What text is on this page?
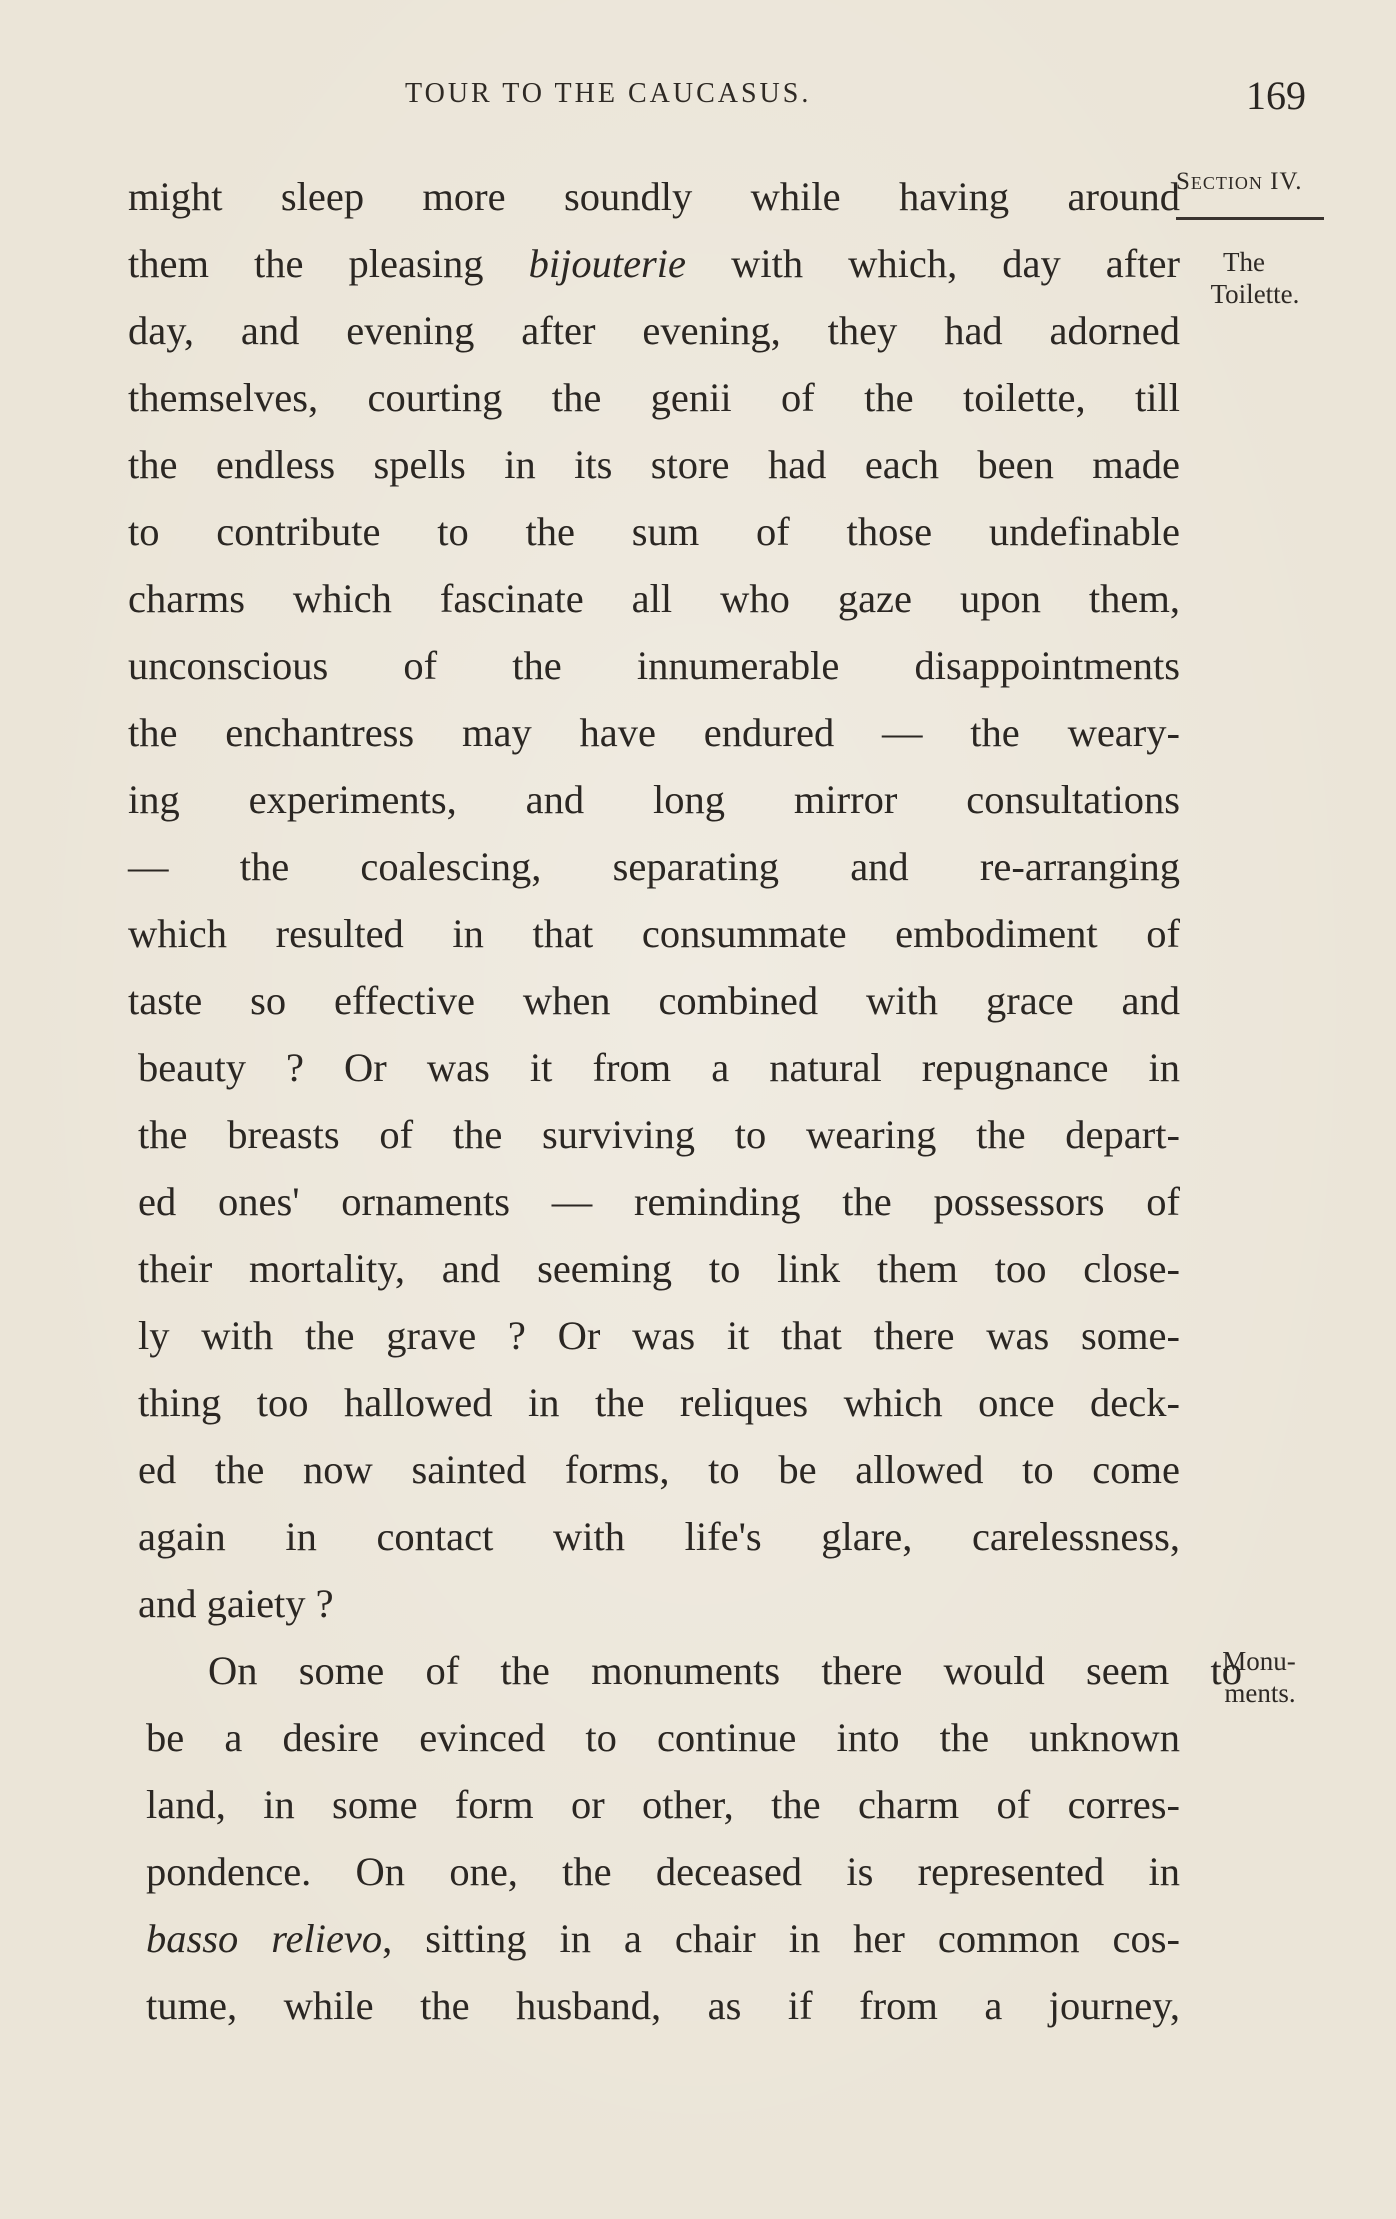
TOUR TO THE CAUCASUS.	169
Section IV.
The
Toilette.
Monu-
ments.
might sleep more soundly while having around
them the pleasing bijouterie with which, day after
day, and evening after evening, they had adorned
themselves, courting the genii of the toilette, till
the endless spells in its store had each been made
to contribute to the sum of those undefinable
charms which fascinate all who gaze upon them,
unconscious of the innumerable disappointments
the enchantress may have endured — the weary-
ing experiments, and long mirror consultations
— the coalescing, separating and re-arranging
which resulted in that consummate embodiment of
taste so effective when combined with grace and
beauty ? Or was it from a natural repugnance in
the breasts of the surviving to wearing the depart-
ed ones' ornaments — reminding the possessors of
their mortality, and seeming to link them too close-
ly with the grave ? Or was it that there was some-
thing too hallowed in the reliques which once deck-
ed the now sainted forms, to be allowed to come
again in contact with life's glare, carelessness,
and gaiety ?
On some of the monuments there would seem to
be a desire evinced to continue into the unknown
land, in some form or other, the charm of corres-
pondence. On one, the deceased is represented in
basso relievo, sitting in a chair in her common cos-
tume, while the husband, as if from a journey,
